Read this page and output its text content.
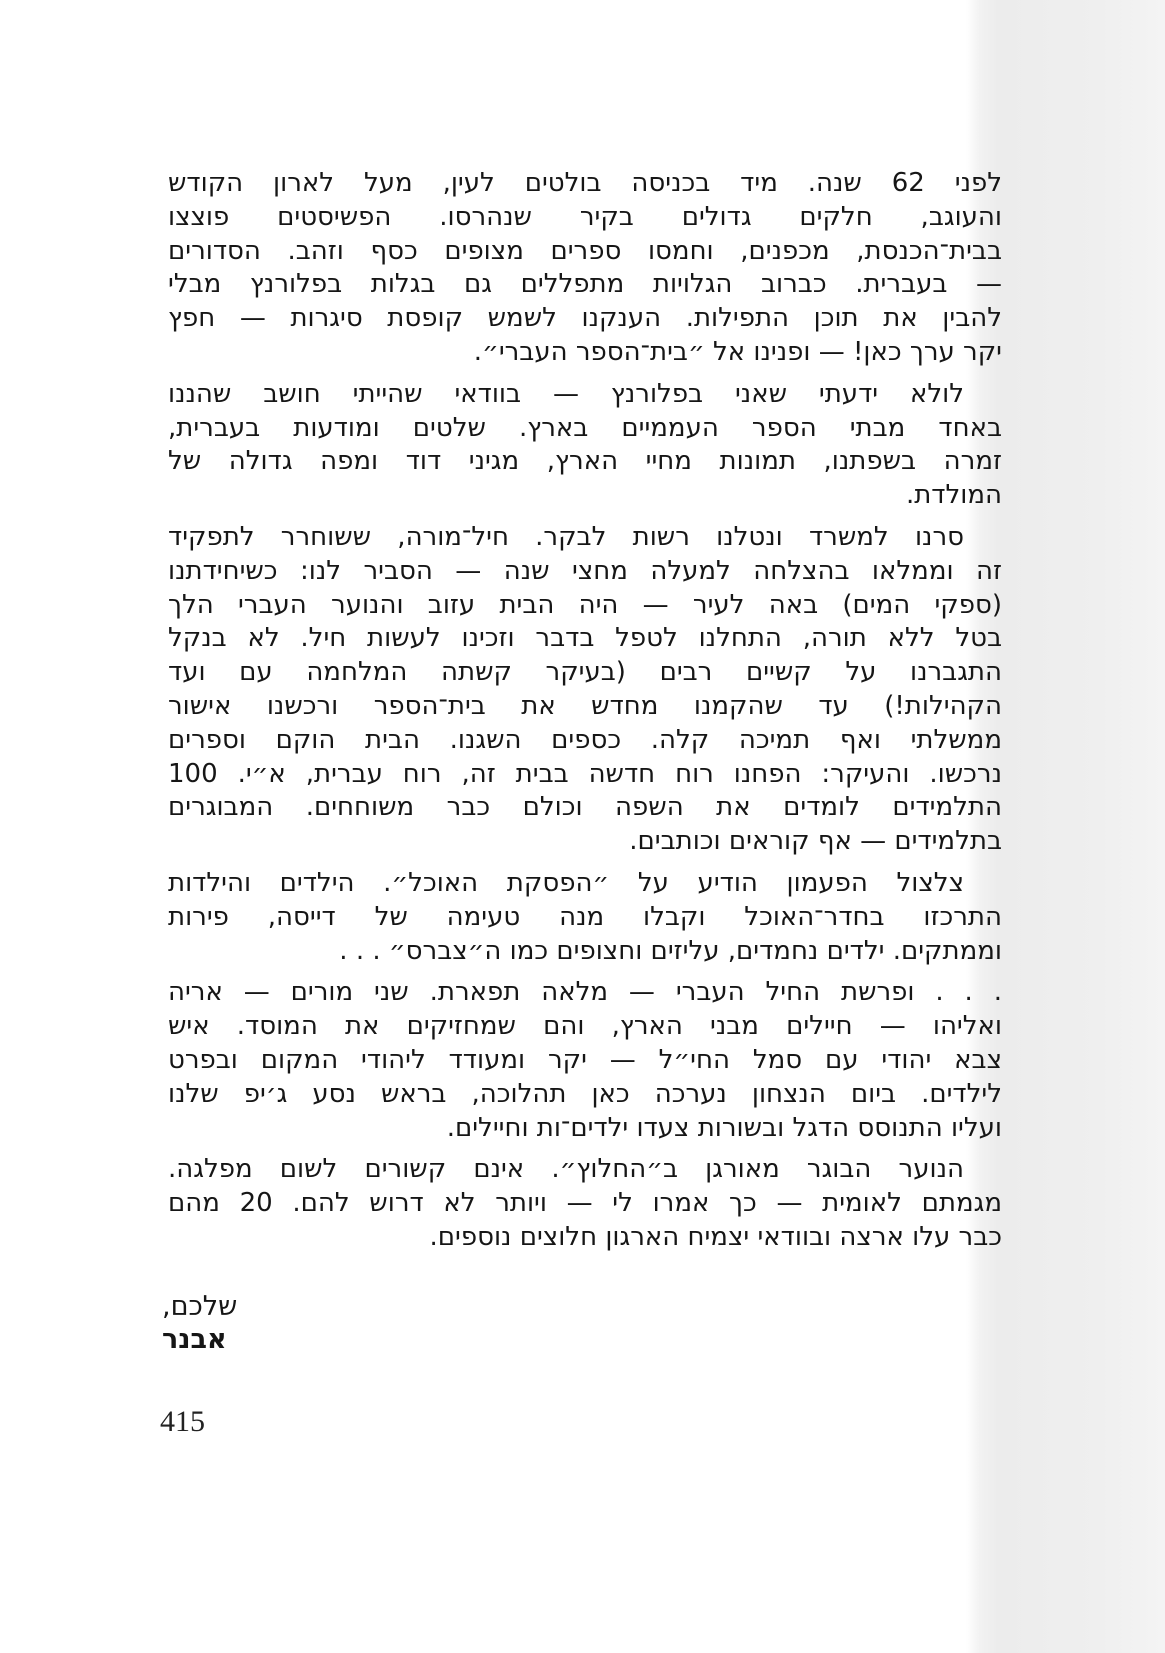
לפני 62 שנה. מיד בכניסה בולטים לעין, מעל לארון הקודש
והעוגב, חלקים גדולים בקיר שנהרסו. הפשיסטים פוצצו
בבית־הכנסת, מכפנים, וחמסו ספרים מצופים כסף וזהב. הסדורים
— בעברית. כברוב הגלויות מתפללים גם בגלות בפלורנץ מבלי
להבין את תוכן התפילות. הענקנו לשמש קופסת סיגרות — חפץ
יקר ערך כאן! — ופנינו אל ״בית־הספר העברי״.
לולא ידעתי שאני בפלורנץ — בוודאי שהייתי חושב שהננו
באחד מבתי הספר העממיים בארץ. שלטים ומודעות בעברית,
זמרה בשפתנו, תמונות מחיי הארץ, מגיני דוד ומפה גדולה של
המולדת.
סרנו למשרד ונטלנו רשות לבקר. חיל־מורה, ששוחרר לתפקיד
זה וממלאו בהצלחה למעלה מחצי שנה — הסביר לנו: כשיחידתנו
(ספקי המים) באה לעיר — היה הבית עזוב והנוער העברי הלך
בטל ללא תורה, התחלנו לטפל בדבר וזכינו לעשות חיל. לא בנקל
התגברנו על קשיים רבים (בעיקר קשתה המלחמה עם ועד
הקהילות!) עד שהקמנו מחדש את בית־הספר ורכשנו אישור
ממשלתי ואף תמיכה קלה. כספים השגנו. הבית הוקם וספרים
נרכשו. והעיקר: הפחנו רוח חדשה בבית זה, רוח עברית, א״י. 100
התלמידים לומדים את השפה וכולם כבר משוחחים. המבוגרים
בתלמידים — אף קוראים וכותבים.
צלצול הפעמון הודיע על ״הפסקת האוכל״. הילדים והילדות
התרכזו בחדר־האוכל וקבלו מנה טעימה של דייסה, פירות
וממתקים. ילדים נחמדים, עליזים וחצופים כמו ה״צברס״ . . .
. . . ופרשת החיל העברי — מלאה תפארת. שני מורים — אריה
ואליהו — חיילים מבני הארץ, והם שמחזיקים את המוסד. איש
צבא יהודי עם סמל החי״ל — יקר ומעודד ליהודי המקום ובפרט
לילדים. ביום הנצחון נערכה כאן תהלוכה, בראש נסע ג׳יפ שלנו
ועליו התנוסס הדגל ובשורות צעדו ילדים־ות וחיילים.
הנוער הבוגר מאורגן ב״החלוץ״. אינם קשורים לשום מפלגה.
מגמתם לאומית — כך אמרו לי — ויותר לא דרוש להם. 20 מהם
כבר עלו ארצה ובוודאי יצמיח הארגון חלוצים נוספים.
שלכם,
אבנר
415
